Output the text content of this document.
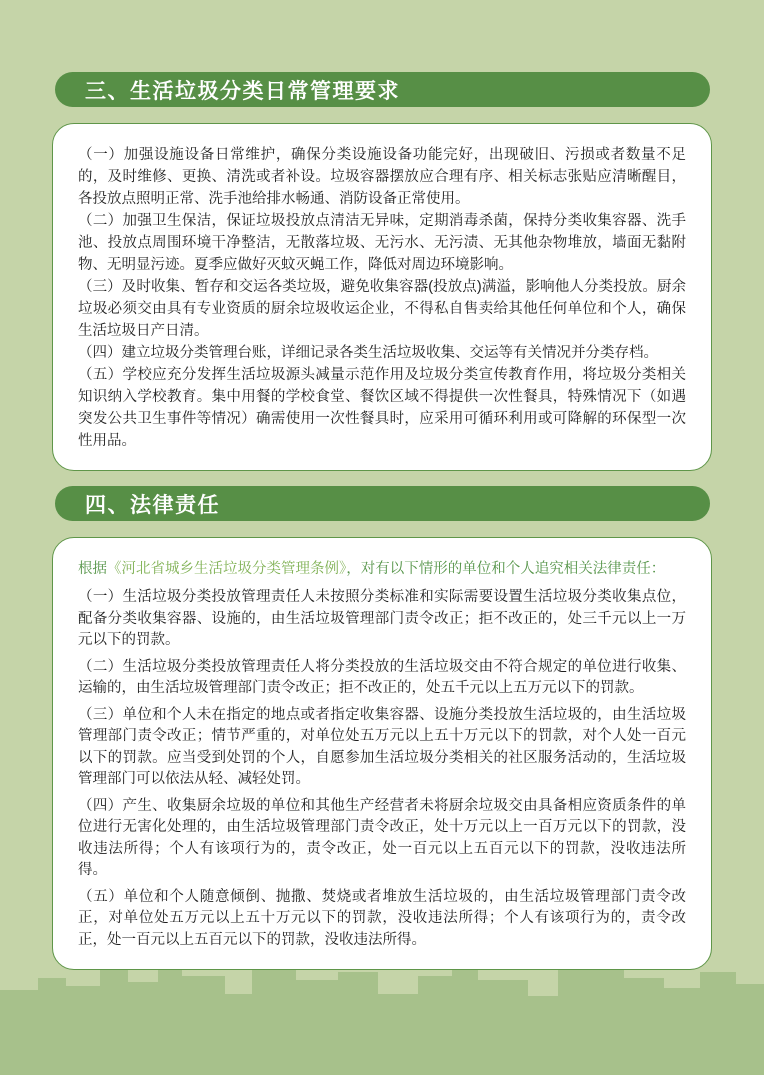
三、生活垃圾分类日常管理要求

（一）加强设施设备日常维护，确保分类设施设备功能完好，出现破旧、污损或者数量不足的，及时维修、更换、清洗或者补设。垃圾容器摆放应合理有序、相关标志张贴应清晰醒目，各投放点照明正常、洗手池给排水畅通、消防设备正常使用。

（二）加强卫生保洁，保证垃圾投放点清洁无异味，定期消毒杀菌，保持分类收集容器、洗手池、投放点周围环境干净整洁，无散落垃圾、无污水、无污渍、无其他杂物堆放，墙面无黏附物、无明显污迹。夏季应做好灭蚊灭蝇工作，降低对周边环境影响。

（三）及时收集、暂存和交运各类垃圾，避免收集容器(投放点)满溢，影响他人分类投放。厨余垃圾必须交由具有专业资质的厨余垃圾收运企业，不得私自售卖给其他任何单位和个人，确保生活垃圾日产日清。

（四）建立垃圾分类管理台账，详细记录各类生活垃圾收集、交运等有关情况并分类存档。

（五）学校应充分发挥生活垃圾源头减量示范作用及垃圾分类宣传教育作用，将垃圾分类相关知识纳入学校教育。集中用餐的学校食堂、餐饮区域不得提供一次性餐具，特殊情况下（如遇突发公共卫生事件等情况）确需使用一次性餐具时，应采用可循环利用或可降解的环保型一次性用品。

四、法律责任

根据《河北省城乡生活垃圾分类管理条例》，对有以下情形的单位和个人追究相关法律责任：

（一）生活垃圾分类投放管理责任人未按照分类标准和实际需要设置生活垃圾分类收集点位，配备分类收集容器、设施的，由生活垃圾管理部门责令改正；拒不改正的，处三千元以上一万元以下的罚款。

（二）生活垃圾分类投放管理责任人将分类投放的生活垃圾交由不符合规定的单位进行收集、运输的，由生活垃圾管理部门责令改正；拒不改正的，处五千元以上五万元以下的罚款。

（三）单位和个人未在指定的地点或者指定收集容器、设施分类投放生活垃圾的，由生活垃圾管理部门责令改正；情节严重的，对单位处五万元以上五十万元以下的罚款，对个人处一百元以下的罚款。应当受到处罚的个人，自愿参加生活垃圾分类相关的社区服务活动的，生活垃圾管理部门可以依法从轻、减轻处罚。

（四）产生、收集厨余垃圾的单位和其他生产经营者未将厨余垃圾交由具备相应资质条件的单位进行无害化处理的，由生活垃圾管理部门责令改正，处十万元以上一百万元以下的罚款，没收违法所得；个人有该项行为的，责令改正，处一百元以上五百元以下的罚款，没收违法所得。

（五）单位和个人随意倾倒、抛撒、焚烧或者堆放生活垃圾的，由生活垃圾管理部门责令改正，对单位处五万元以上五十万元以下的罚款，没收违法所得；个人有该项行为的，责令改正，处一百元以上五百元以下的罚款，没收违法所得。
